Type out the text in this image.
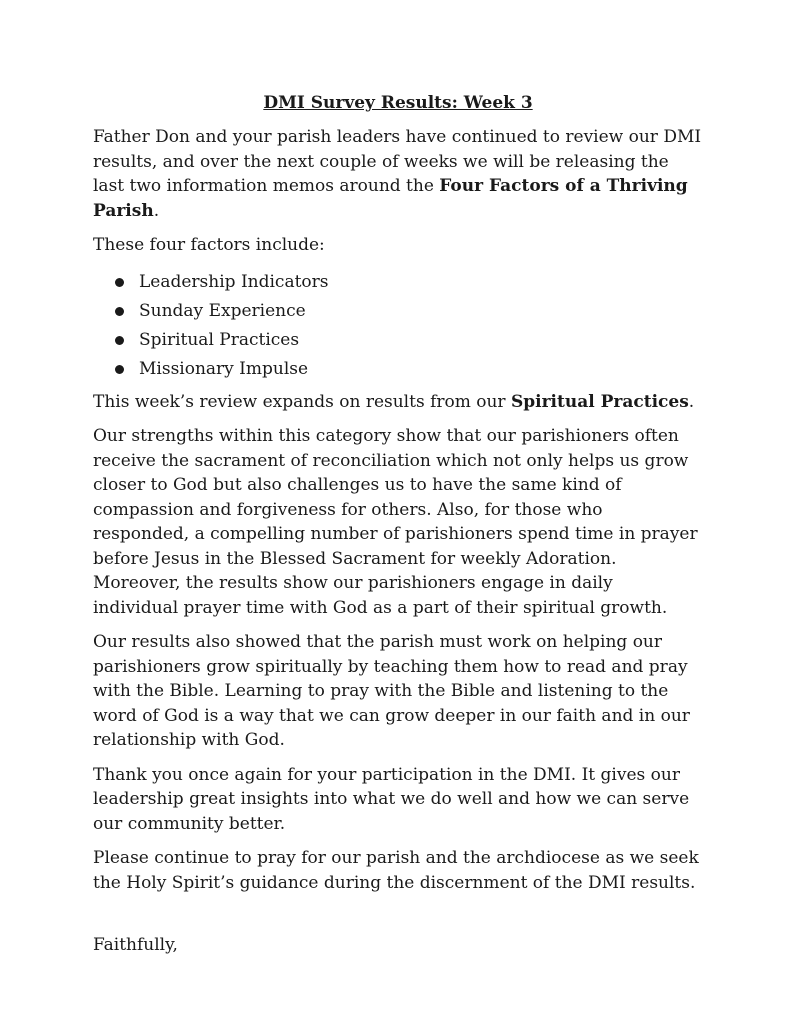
DMI Survey Results: Week 3

Father Don and your parish leaders have continued to review our DMI results, and over the next couple of weeks we will be releasing the last two information memos around the Four Factors of a Thriving Parish.

These four factors include:

Leadership Indicators
Sunday Experience
Spiritual Practices
Missionary Impulse

This week’s review expands on results from our Spiritual Practices.

Our strengths within this category show that our parishioners often receive the sacrament of reconciliation which not only helps us grow closer to God but also challenges us to have the same kind of compassion and forgiveness for others. Also, for those who responded, a compelling number of parishioners spend time in prayer before Jesus in the Blessed Sacrament for weekly Adoration. Moreover, the results show our parishioners engage in daily individual prayer time with God as a part of their spiritual growth.

Our results also showed that the parish must work on helping our parishioners grow spiritually by teaching them how to read and pray with the Bible. Learning to pray with the Bible and listening to the word of God is a way that we can grow deeper in our faith and in our relationship with God.

Thank you once again for your participation in the DMI. It gives our leadership great insights into what we do well and how we can serve our community better.

Please continue to pray for our parish and the archdiocese as we seek the Holy Spirit’s guidance during the discernment of the DMI results.

Faithfully,
